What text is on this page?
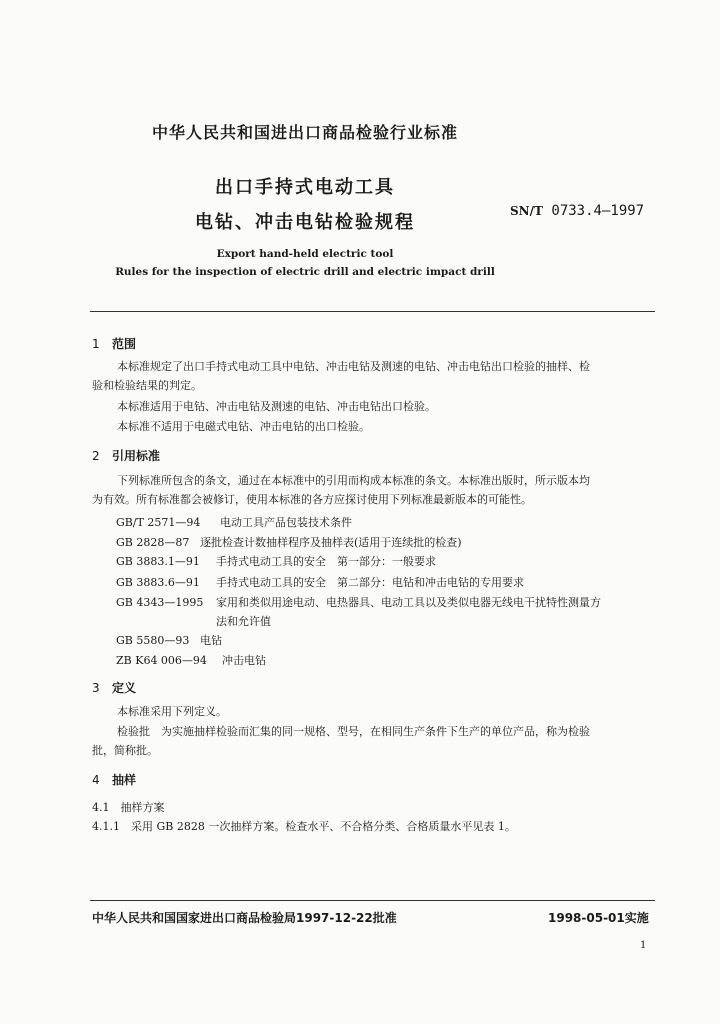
中华人民共和国进出口商品检验行业标准
出口手持式电动工具
电钻、冲击电钻检验规程
SN/T 0733.4—1997
Export hand-held electric tool
Rules for the inspection of electric drill and electric impact drill
1 范围
本标准规定了出口手持式电动工具中电钻、冲击电钻及测速的电钻、冲击电钻出口检验的抽样、检
验和检验结果的判定。
本标准适用于电钻、冲击电钻及测速的电钻、冲击电钻出口检验。
本标准不适用于电磁式电钻、冲击电钻的出口检验。
2 引用标准
下列标准所包含的条文，通过在本标准中的引用而构成本标准的条文。本标准出版时，所示版本均
为有效。所有标准都会被修订，使用本标准的各方应探讨使用下列标准最新版本的可能性。
GB/T 2571—94 电动工具产品包装技术条件
GB 2828—87 逐批检查计数抽样程序及抽样表(适用于连续批的检查)
GB 3883.1—91 手持式电动工具的安全　第一部分：一般要求
GB 3883.6—91 手持式电动工具的安全　第二部分：电钻和冲击电钻的专用要求
GB 4343—1995 家用和类似用途电动、电热器具、电动工具以及类似电器无线电干扰特性测量方
法和允许值
GB 5580—93 电钻
ZB K64 006—94 冲击电钻
3 定义
本标准采用下列定义。
检验批　为实施抽样检验而汇集的同一规格、型号，在相同生产条件下生产的单位产品，称为检验
批，简称批。
4 抽样
4.1　抽样方案
4.1.1　采用 GB 2828 一次抽样方案。检查水平、不合格分类、合格质量水平见表 1。
中华人民共和国国家进出口商品检验局1997-12-22批准	1998-05-01实施
1
